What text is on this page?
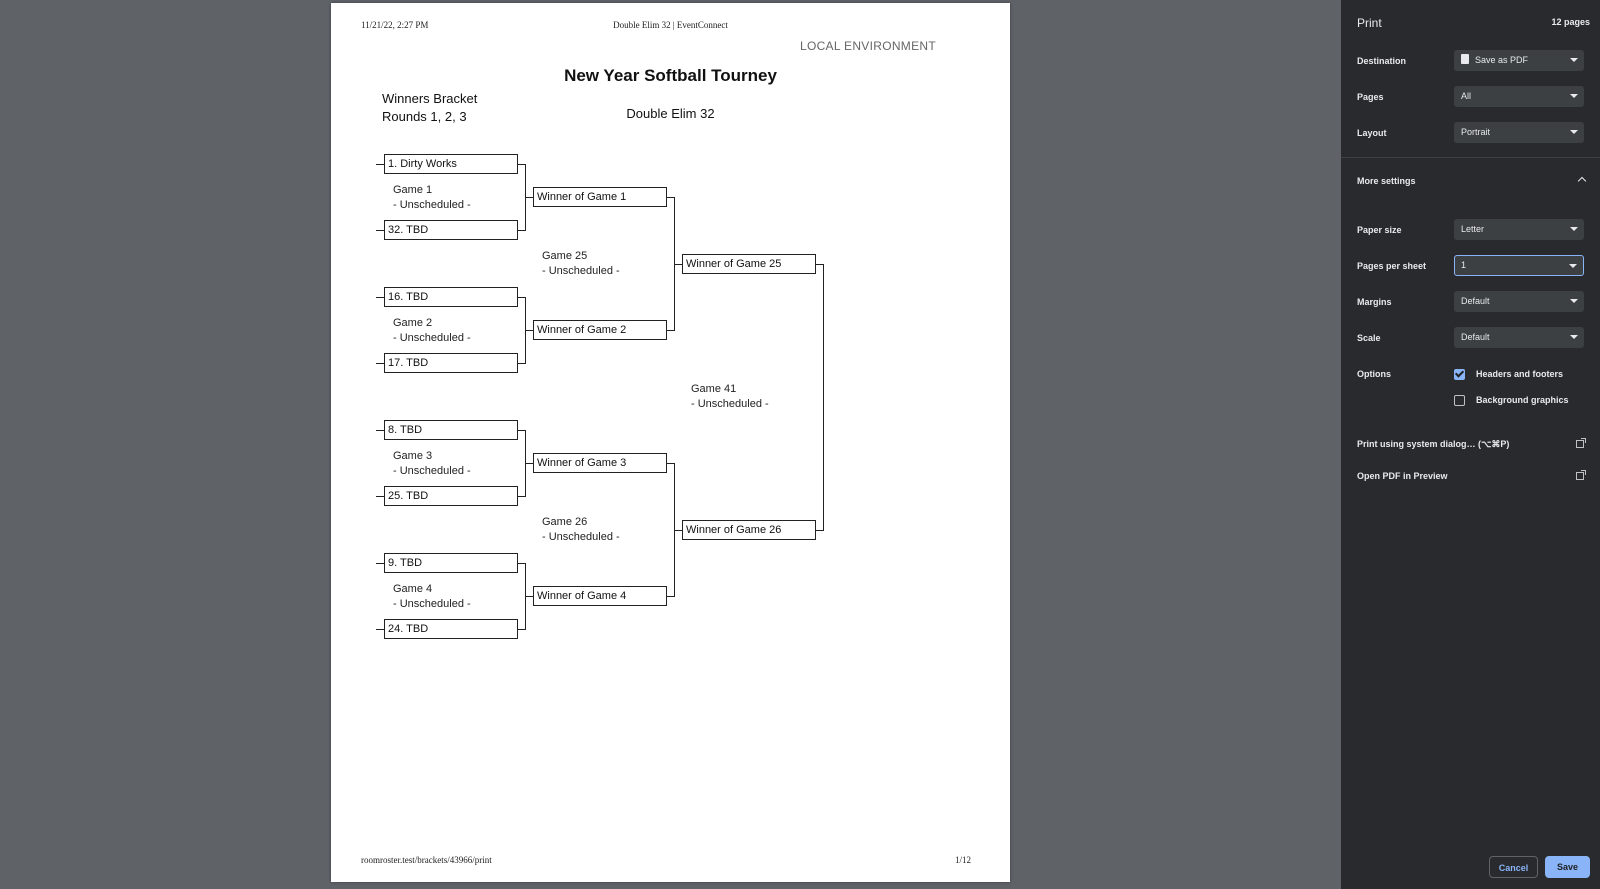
11/21/22, 2:27 PM	Double Elim 32 | EventConnect
LOCAL ENVIRONMENT
New Year Softball Tourney
Double Elim 32
Winners Bracket
Rounds 1, 2, 3
1. Dirty Works
32. TBD
16. TBD
17. TBD
8. TBD
25. TBD
9. TBD
24. TBD
Game 1
- Unscheduled -
Game 2
- Unscheduled -
Game 3
- Unscheduled -
Game 4
- Unscheduled -
Winner of Game 1
Winner of Game 2
Winner of Game 3
Winner of Game 4
Game 25
- Unscheduled -
Game 26
- Unscheduled -
Winner of Game 25
Winner of Game 26
Game 41
- Unscheduled -
roomroster.test/brackets/43966/print	1/12
Print	12 pages
Destination	Save as PDF
Pages	All
Layout	Portrait
More settings
Paper size	Letter
Pages per sheet	1
Margins	Default
Scale	Default
Options	Headers and footers
Background graphics
Print using system dialog… (⌥⌘P)
Open PDF in Preview
Cancel	Save
